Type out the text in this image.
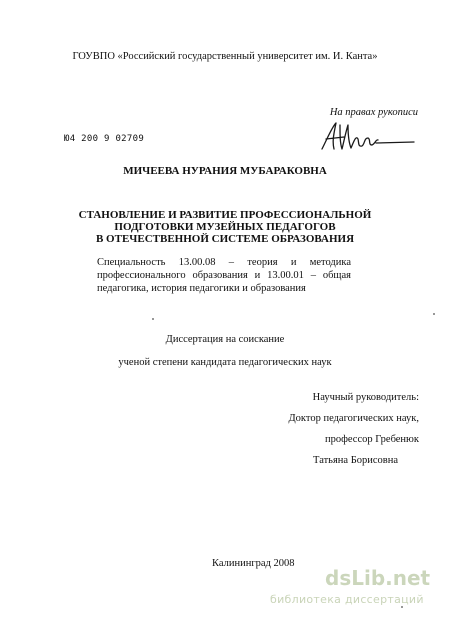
ГОУВПО «Российский государственный университет им. И. Канта»
На правах рукописи
Ю4 200 9 02709
МИЧЕЕВА НУРАНИЯ МУБАРАКОВНА
СТАНОВЛЕНИЕ И РАЗВИТИЕ ПРОФЕССИОНАЛЬНОЙ
ПОДГОТОВКИ МУЗЕЙНЫХ ПЕДАГОГОВ
В ОТЕЧЕСТВЕННОЙ СИСТЕМЕ ОБРАЗОВАНИЯ
Специальность 13.00.08 – теория и методика
профессионального образования и 13.00.01 – общая
педагогика, история педагогики и образования
Диссертация на соискание
ученой степени кандидата педагогических наук
Научный руководитель:
Доктор педагогических наук,
профессор Гребенюк
Татьяна Борисовна
Калининград 2008
dsLib.net
библиотека диссертаций
